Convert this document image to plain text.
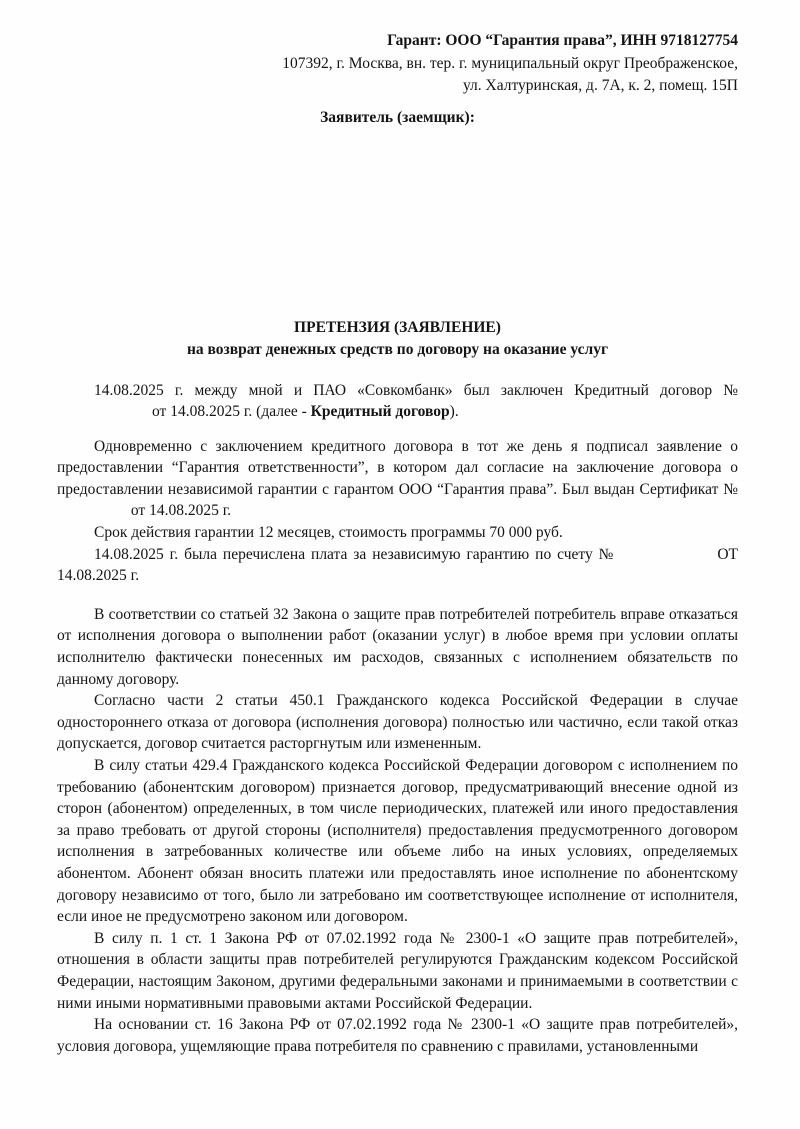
Гарант: ООО “Гарантия права”, ИНН 9718127754
107392, г. Москва, вн. тер. г. муниципальный округ Преображенское,
ул. Халтуринская, д. 7А, к. 2, помещ. 15П
Заявитель (заемщик):
ПРЕТЕНЗИЯ (ЗАЯВЛЕНИЕ)
на возврат денежных средств по договору на оказание услуг

14.08.2025 г. между мной и ПАО «Совкомбанк» был заключен Кредитный договор №
от 14.08.2025 г. (далее - Кредитный договор).

Одновременно с заключением кредитного договора в тот же день я подписал заявление о предоставлении “Гарантия ответственности”, в котором дал согласие на заключение договора о предоставлении независимой гарантии с гарантом ООО “Гарантия права”. Был выдан Сертификат №  от 14.08.2025 г.

Срок действия гарантии 12 месяцев, стоимость программы 70 000 руб.

14.08.2025 г. была перечислена плата за независимую гарантию по счету №	ОТ 14.08.2025 г.

В соответствии со статьей 32 Закона о защите прав потребителей потребитель вправе отказаться от исполнения договора о выполнении работ (оказании услуг) в любое время при условии оплаты исполнителю фактически понесенных им расходов, связанных с исполнением обязательств по данному договору.

Согласно части 2 статьи 450.1 Гражданского кодекса Российской Федерации в случае одностороннего отказа от договора (исполнения договора) полностью или частично, если такой отказ допускается, договор считается расторгнутым или измененным.

В силу статьи 429.4 Гражданского кодекса Российской Федерации договором с исполнением по требованию (абонентским договором) признается договор, предусматривающий внесение одной из сторон (абонентом) определенных, в том числе периодических, платежей или иного предоставления за право требовать от другой стороны (исполнителя) предоставления предусмотренного договором исполнения в затребованных количестве или объеме либо на иных условиях, определяемых абонентом. Абонент обязан вносить платежи или предоставлять иное исполнение по абонентскому договору независимо от того, было ли затребовано им соответствующее исполнение от исполнителя, если иное не предусмотрено законом или договором.

В силу п. 1 ст. 1 Закона РФ от 07.02.1992 года № 2300-1 «О защите прав потребителей», отношения в области защиты прав потребителей регулируются Гражданским кодексом Российской Федерации, настоящим Законом, другими федеральными законами и принимаемыми в соответствии с ними иными нормативными правовыми актами Российской Федерации.

На основании ст. 16 Закона РФ от 07.02.1992 года № 2300-1 «О защите прав потребителей», условия договора, ущемляющие права потребителя по сравнению с правилами, установленными
